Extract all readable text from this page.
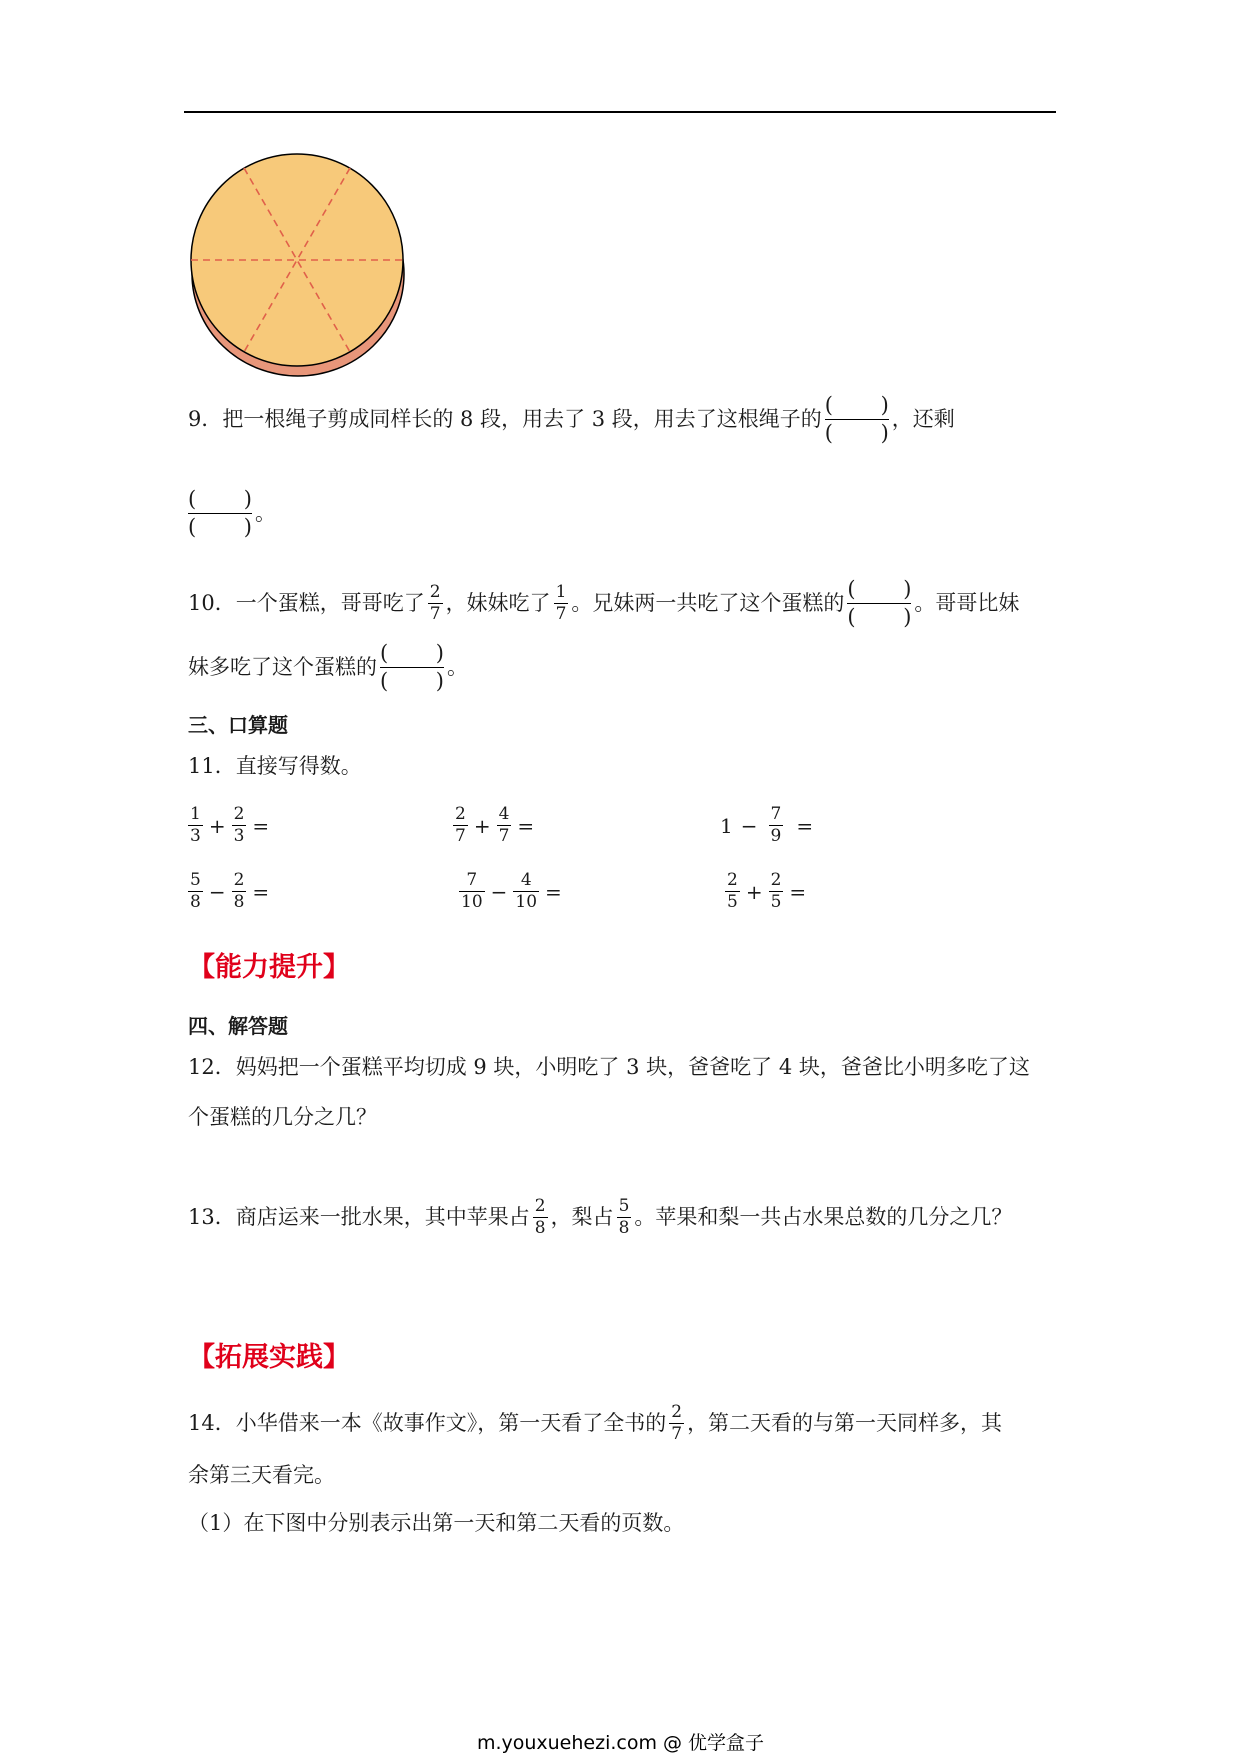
9． 把一根绳子剪成同样长的 8 段，用去了 3 段，用去了这根绳子的
( )
( )
，还剩
( )
( )
。
10． 一个蛋糕，哥哥吃了 $\frac{2}{7}$ ，妹妹吃了 $\frac{1}{7}$ 。兄妹两一共吃了这个蛋糕的
( )
( )
。哥哥比妹
妹多吃了这个蛋糕的
( )
( )
。
三、口算题
11．直接写得数。
$\frac{1}{3} + \frac{2}{3}$ =	$\frac{2}{7} + \frac{4}{7}$ =	$1 - \frac{7}{9}$ =
$\frac{5}{8} - \frac{2}{8}$ =	$\frac{7}{10} - \frac{4}{10}$ =	$\frac{2}{5} + \frac{2}{5}$ =
【能力提升】
四、解答题
12．妈妈把一个蛋糕平均切成 9 块，小明吃了 3 块，爸爸吃了 4 块，爸爸比小明多吃了这
个蛋糕的几分之几？
13．商店运来一批水果，其中苹果占 $\frac{2}{8}$ ，梨占 $\frac{5}{8}$ 。苹果和梨一共占水果总数的几分之几？
【拓展实践】
14．小华借来一本《故事作文》，第一天看了全书的 $\frac{2}{7}$ ，第二天看的与第一天同样多，其
余第三天看完。
（1）在下图中分别表示出第一天和第二天看的页数。
m.youxuehezi.com @ 优学盒子
